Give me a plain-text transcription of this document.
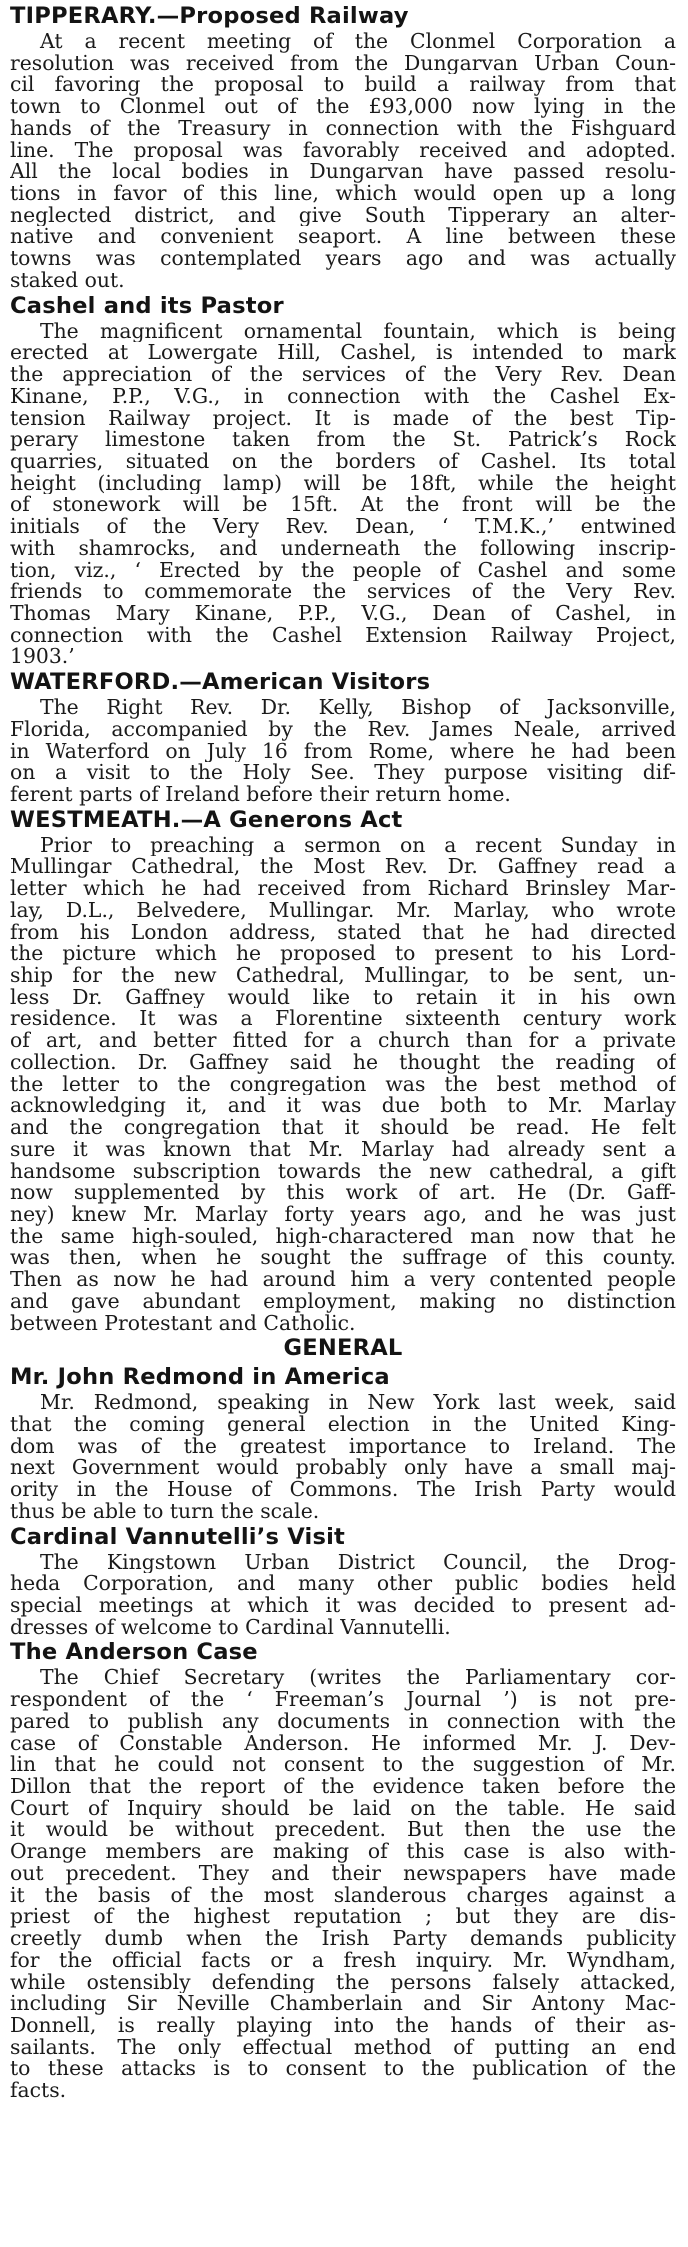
TIPPERARY.—Proposed Railway
At a recent meeting of the Clonmel Corporation a
resolution was received from the Dungarvan Urban Coun-
cil favoring the proposal to build a railway from that
town to Clonmel out of the £93,000 now lying in the
hands of the Treasury in connection with the Fishguard
line. The proposal was favorably received and adopted.
All the local bodies in Dungarvan have passed resolu-
tions in favor of this line, which would open up a long
neglected district, and give South Tipperary an alter-
native and convenient seaport. A line between these
towns was contemplated years ago and was actually
staked out.
Cashel and its Pastor
The magnificent ornamental fountain, which is being
erected at Lowergate Hill, Cashel, is intended to mark
the appreciation of the services of the Very Rev. Dean
Kinane, P.P., V.G., in connection with the Cashel Ex-
tension Railway project. It is made of the best Tip-
perary limestone taken from the St. Patrick’s Rock
quarries, situated on the borders of Cashel. Its total
height (including lamp) will be 18ft, while the height
of stonework will be 15ft. At the front will be the
initials of the Very Rev. Dean, ‘ T.M.K.,’ entwined
with shamrocks, and underneath the following inscrip-
tion, viz., ‘ Erected by the people of Cashel and some
friends to commemorate the services of the Very Rev.
Thomas Mary Kinane, P.P., V.G., Dean of Cashel, in
connection with the Cashel Extension Railway Project,
1903.’
WATERFORD.—American Visitors
The Right Rev. Dr. Kelly, Bishop of Jacksonville,
Florida, accompanied by the Rev. James Neale, arrived
in Waterford on July 16 from Rome, where he had been
on a visit to the Holy See. They purpose visiting dif-
ferent parts of Ireland before their return home.
WESTMEATH.—A Generons Act
Prior to preaching a sermon on a recent Sunday in
Mullingar Cathedral, the Most Rev. Dr. Gaffney read a
letter which he had received from Richard Brinsley Mar-
lay, D.L., Belvedere, Mullingar. Mr. Marlay, who wrote
from his London address, stated that he had directed
the picture which he proposed to present to his Lord-
ship for the new Cathedral, Mullingar, to be sent, un-
less Dr. Gaffney would like to retain it in his own
residence. It was a Florentine sixteenth century work
of art, and better fitted for a church than for a private
collection. Dr. Gaffney said he thought the reading of
the letter to the congregation was the best method of
acknowledging it, and it was due both to Mr. Marlay
and the congregation that it should be read. He felt
sure it was known that Mr. Marlay had already sent a
handsome subscription towards the new cathedral, a gift
now supplemented by this work of art. He (Dr. Gaff-
ney) knew Mr. Marlay forty years ago, and he was just
the same high-souled, high-charactered man now that he
was then, when he sought the suffrage of this county.
Then as now he had around him a very contented people
and gave abundant employment, making no distinction
between Protestant and Catholic.
GENERAL
Mr. John Redmond in America
Mr. Redmond, speaking in New York last week, said
that the coming general election in the United King-
dom was of the greatest importance to Ireland. The
next Government would probably only have a small maj-
ority in the House of Commons. The Irish Party would
thus be able to turn the scale.
Cardinal Vannutelli’s Visit
The Kingstown Urban District Council, the Drog-
heda Corporation, and many other public bodies held
special meetings at which it was decided to present ad-
dresses of welcome to Cardinal Vannutelli.
The Anderson Case
The Chief Secretary (writes the Parliamentary cor-
respondent of the ‘ Freeman’s Journal ’) is not pre-
pared to publish any documents in connection with the
case of Constable Anderson. He informed Mr. J. Dev-
lin that he could not consent to the suggestion of Mr.
Dillon that the report of the evidence taken before the
Court of Inquiry should be laid on the table. He said
it would be without precedent. But then the use the
Orange members are making of this case is also with-
out precedent. They and their newspapers have made
it the basis of the most slanderous charges against a
priest of the highest reputation ; but they are dis-
creetly dumb when the Irish Party demands publicity
for the official facts or a fresh inquiry. Mr. Wyndham,
while ostensibly defending the persons falsely attacked,
including Sir Neville Chamberlain and Sir Antony Mac-
Donnell, is really playing into the hands of their as-
sailants. The only effectual method of putting an end
to these attacks is to consent to the publication of the
facts.
